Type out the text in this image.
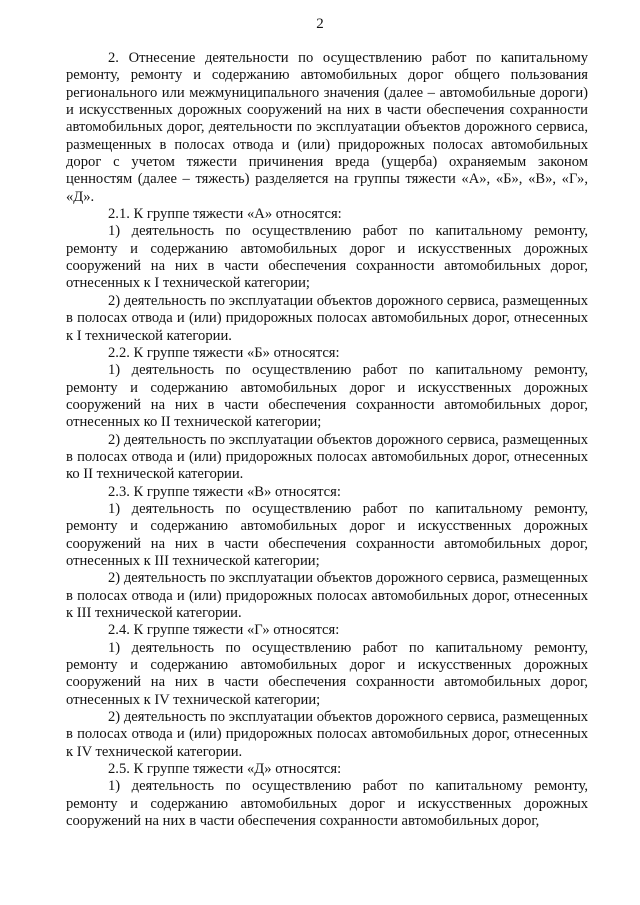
2

2. Отнесение деятельности по осуществлению работ по капитальному ремонту, ремонту и содержанию автомобильных дорог общего пользования регионального или межмуниципального значения (далее – автомобильные дороги) и искусственных дорожных сооружений на них в части обеспечения сохранности автомобильных дорог, деятельности по эксплуатации объектов дорожного сервиса, размещенных в полосах отвода и (или) придорожных полосах автомобильных дорог с учетом тяжести причинения вреда (ущерба) охраняемым законом ценностям (далее – тяжесть) разделяется на группы тяжести «А», «Б», «В», «Г», «Д».

2.1. К группе тяжести «А» относятся:

1) деятельность по осуществлению работ по капитальному ремонту, ремонту и содержанию автомобильных дорог и искусственных дорожных сооружений на них в части обеспечения сохранности автомобильных дорог, отнесенных к I технической категории;

2) деятельность по эксплуатации объектов дорожного сервиса, размещенных в полосах отвода и (или) придорожных полосах автомобильных дорог, отнесенных к I технической категории.

2.2. К группе тяжести «Б» относятся:

1) деятельность по осуществлению работ по капитальному ремонту, ремонту и содержанию автомобильных дорог и искусственных дорожных сооружений на них в части обеспечения сохранности автомобильных дорог, отнесенных ко II технической категории;

2) деятельность по эксплуатации объектов дорожного сервиса, размещенных в полосах отвода и (или) придорожных полосах автомобильных дорог, отнесенных ко II технической категории.

2.3. К группе тяжести «В» относятся:

1) деятельность по осуществлению работ по капитальному ремонту, ремонту и содержанию автомобильных дорог и искусственных дорожных сооружений на них в части обеспечения сохранности автомобильных дорог, отнесенных к III технической категории;

2) деятельность по эксплуатации объектов дорожного сервиса, размещенных в полосах отвода и (или) придорожных полосах автомобильных дорог, отнесенных к III технической категории.

2.4. К группе тяжести «Г» относятся:

1) деятельность по осуществлению работ по капитальному ремонту, ремонту и содержанию автомобильных дорог и искусственных дорожных сооружений на них в части обеспечения сохранности автомобильных дорог, отнесенных к IV технической категории;

2) деятельность по эксплуатации объектов дорожного сервиса, размещенных в полосах отвода и (или) придорожных полосах автомобильных дорог, отнесенных к IV технической категории.

2.5. К группе тяжести «Д» относятся:

1) деятельность по осуществлению работ по капитальному ремонту, ремонту и содержанию автомобильных дорог и искусственных дорожных сооружений на них в части обеспечения сохранности автомобильных дорог,
